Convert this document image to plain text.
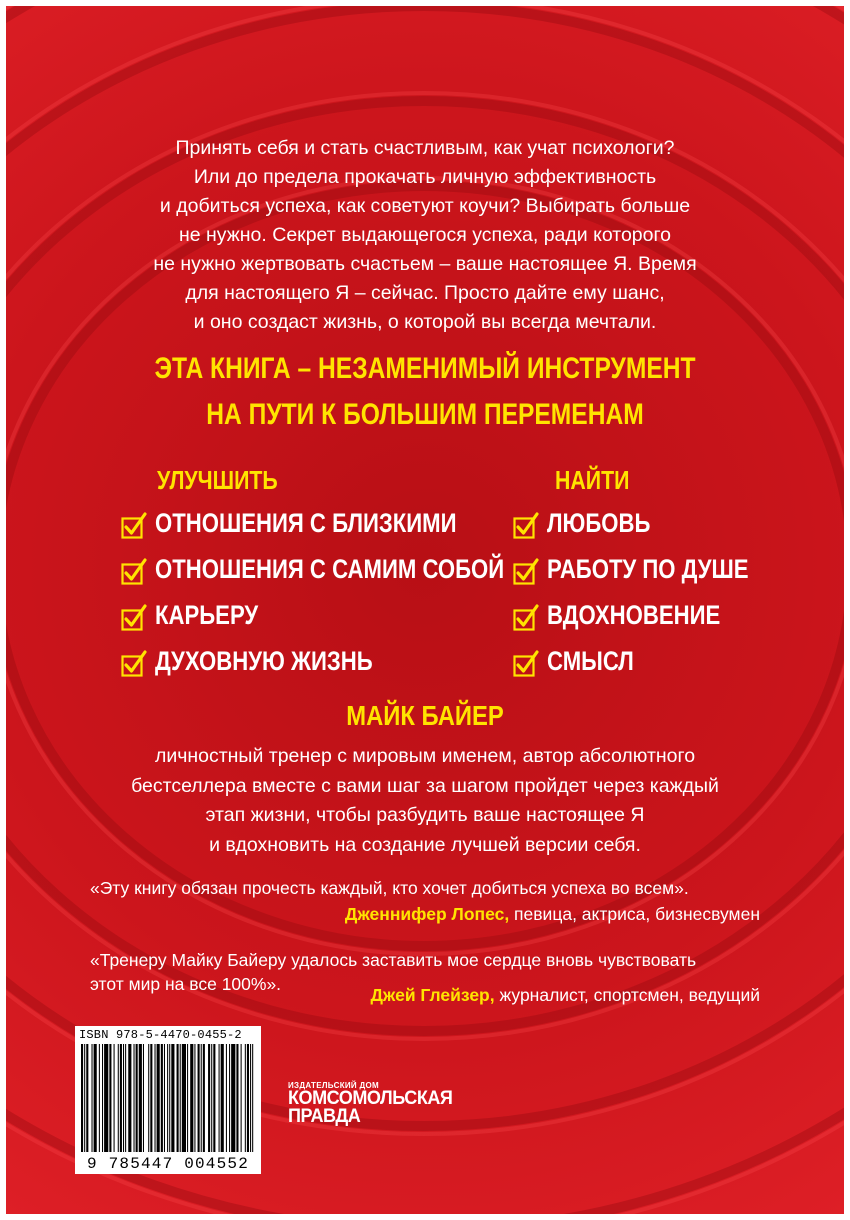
Принять себя и стать счастливым, как учат психологи?
Или до предела прокачать личную эффективность
и добиться успеха, как советуют коучи? Выбирать больше
не нужно. Секрет выдающегося успеха, ради которого
не нужно жертвовать счастьем – ваше настоящее Я. Время
для настоящего Я – сейчас. Просто дайте ему шанс,
и оно создаст жизнь, о которой вы всегда мечтали.
ЭТА КНИГА – НЕЗАМЕНИМЫЙ ИНСТРУМЕНТ
НА ПУТИ К БОЛЬШИМ ПЕРЕМЕНАМ
УЛУЧШИТЬ
ОТНОШЕНИЯ С БЛИЗКИМИ
ОТНОШЕНИЯ С САМИМ СОБОЙ
КАРЬЕРУ
ДУХОВНУЮ ЖИЗНЬ
НАЙТИ
ЛЮБОВЬ
РАБОТУ ПО ДУШЕ
ВДОХНОВЕНИЕ
СМЫСЛ
МАЙК БАЙЕР
личностный тренер с мировым именем, автор абсолютного
бестселлера вместе с вами шаг за шагом пройдет через каждый
этап жизни, чтобы разбудить ваше настоящее Я
и вдохновить на создание лучшей версии себя.
«Эту книгу обязан прочесть каждый, кто хочет добиться успеха во всем».
Дженнифер Лопес, певица, актриса, бизнесвумен
«Тренеру Майку Байеру удалось заставить мое сердце вновь чувствовать
этот мир на все 100%».
Джей Глейзер, журналист, спортсмен, ведущий
ISBN 978-5-4470-0455-2
9 785447 004552
ИЗДАТЕЛЬСКИЙ ДОМ
КОМСОМОЛЬСКАЯ
ПРАВДА
